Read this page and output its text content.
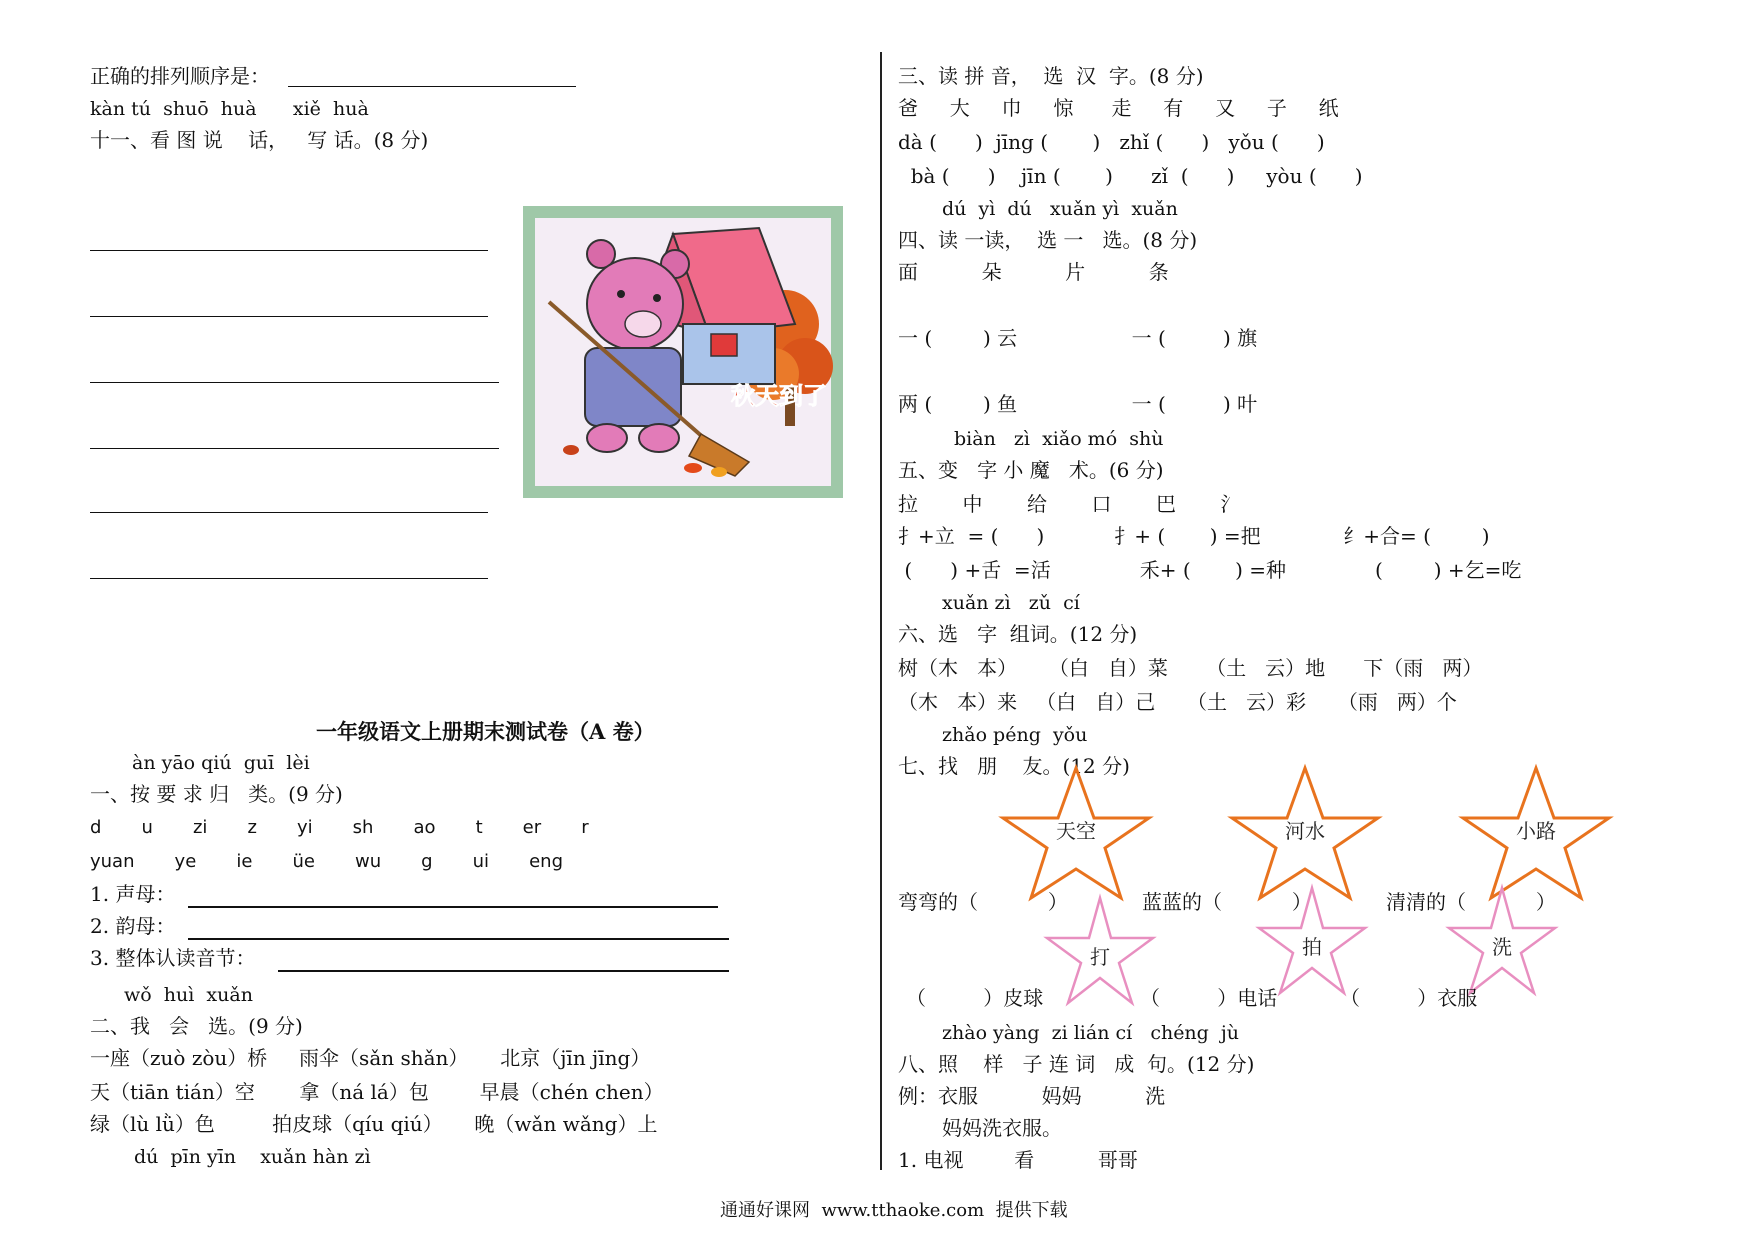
正确的排列顺序是：
kàn tú  shuō  huà      xiě  huà
十一、看 图 说    话，   写 话。(8 分)
秋天到了
一年级语文上册期末测试卷（A 卷）
àn yāo qiú  guī  lèi
一、按 要 求 归   类。(9 分)
d       u       zi       z       yi       sh       ao       t       er       r
yuan       ye       ie       üe       wu       g       ui       eng
1. 声母：
2. 韵母：
3. 整体认读音节：
wǒ  huì  xuǎn
二、我   会   选。(9 分)
一座（zuò zòu）桥     雨伞（sǎn shǎn）     北京（jīn jīng）
天（tiān tián）空       拿（ná lá）包        早晨（chén chen）
绿（lù lǜ）色         拍皮球（qíu qiú）     晚（wǎn wǎng）上
dú  pīn yīn    xuǎn hàn zì
三、读 拼 音，  选  汉  字。(8 分)
爸     大     巾     惊      走     有     又     子     纸
dà (      )  jīng (       )   zhǐ (      )   yǒu (      )
bà (      )    jīn (       )      zǐ  (      )     yòu (      )
dú  yì  dú   xuǎn yì  xuǎn
四、读 一读，  选 一   选。(8 分)
面          朵          片          条
一 (        ) 云                  一 (         ) 旗
两 (        ) 鱼                  一 (         ) 叶
biàn   zì  xiǎo mó  shù
五、变   字 小 魔   术。(6 分)
拉       中       给       口       巴       氵
扌+立  = (      )           扌+ (       ) =把             纟+合= (        )
(      ) +舌  =活              禾+ (       ) =种              (        ) +乞=吃
xuǎn zì   zǔ  cí
六、选   字  组词。(12 分)
树（木   本）     （白   自）菜      （土   云）地      下（雨   两）
（木   本）来   （白   自）己     （土   云）彩     （雨   两）个
zhǎo péng  yǒu
七、找   朋    友。(12 分)
天空	河水	小路
打	拍	洗
弯弯的（           ）	蓝蓝的（           ）	清清的（           ）
（         ）皮球	（         ）电话	（         ）衣服
zhào yàng  zi lián cí   chéng  jù
八、照    样   子 连 词   成  句。(12 分)
例：衣服          妈妈          洗
妈妈洗衣服。
1. 电视        看          哥哥
通通好课网  www.tthaoke.com  提供下载
